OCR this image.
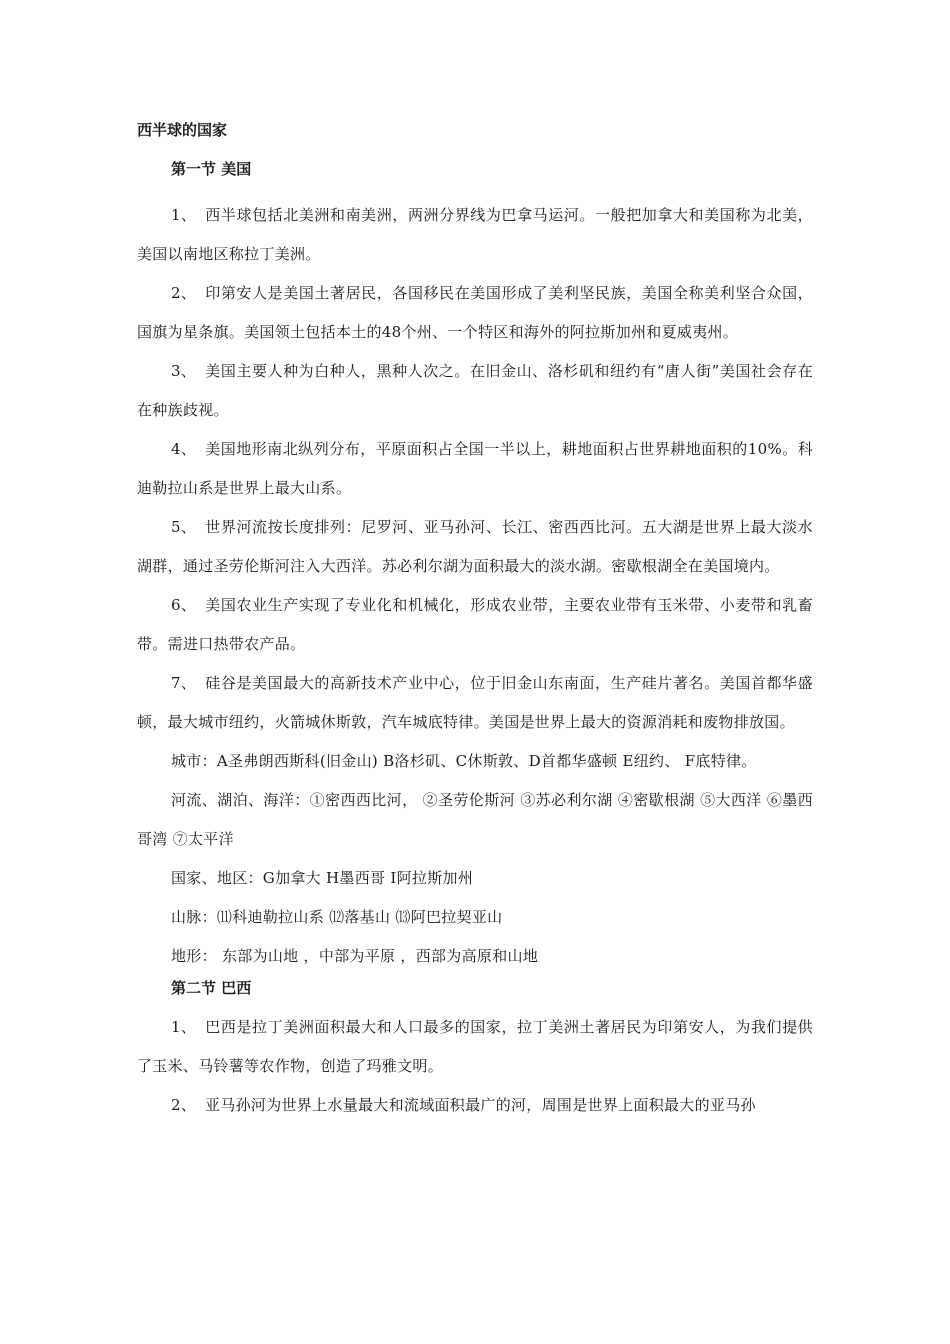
西半球的国家
第一节 美国

1、 西半球包括北美洲和南美洲，两洲分界线为巴拿马运河。一般把加拿大和美国称为北美，美国以南地区称拉丁美洲。

2、 印第安人是美国土著居民，各国移民在美国形成了美利坚民族，美国全称美利坚合众国，国旗为星条旗。美国领土包括本土的48个州、一个特区和海外的阿拉斯加州和夏威夷州。

3、 美国主要人种为白种人，黑种人次之。在旧金山、洛杉矶和纽约有“唐人街”美国社会存在在种族歧视。

4、 美国地形南北纵列分布，平原面积占全国一半以上，耕地面积占世界耕地面积的10%。科迪勒拉山系是世界上最大山系。

5、 世界河流按长度排列：尼罗河、亚马孙河、长江、密西西比河。五大湖是世界上最大淡水湖群，通过圣劳伦斯河注入大西洋。苏必利尔湖为面积最大的淡水湖。密歇根湖全在美国境内。

6、 美国农业生产实现了专业化和机械化，形成农业带，主要农业带有玉米带、小麦带和乳畜带。需进口热带农产品。

7、 硅谷是美国最大的高新技术产业中心，位于旧金山东南面，生产硅片著名。美国首都华盛顿，最大城市纽约，火箭城休斯敦，汽车城底特律。美国是世界上最大的资源消耗和废物排放国。

城市：A圣弗朗西斯科(旧金山) B洛杉矶、C休斯敦、D首都华盛顿 E纽约、 F底特律。

河流、湖泊、海洋：①密西西比河， ②圣劳伦斯河 ③苏必利尔湖 ④密歇根湖 ⑤大西洋 ⑥墨西哥湾 ⑦太平洋

国家、地区：G加拿大 H墨西哥 I阿拉斯加州

山脉：⑾科迪勒拉山系 ⑿落基山 ⒀阿巴拉契亚山

地形： 东部为山地 ，中部为平原 ，西部为高原和山地

第二节 巴西

1、 巴西是拉丁美洲面积最大和人口最多的国家，拉丁美洲土著居民为印第安人，为我们提供了玉米、马铃薯等农作物，创造了玛雅文明。

2、 亚马孙河为世界上水量最大和流域面积最广的河，周围是世界上面积最大的亚马孙
